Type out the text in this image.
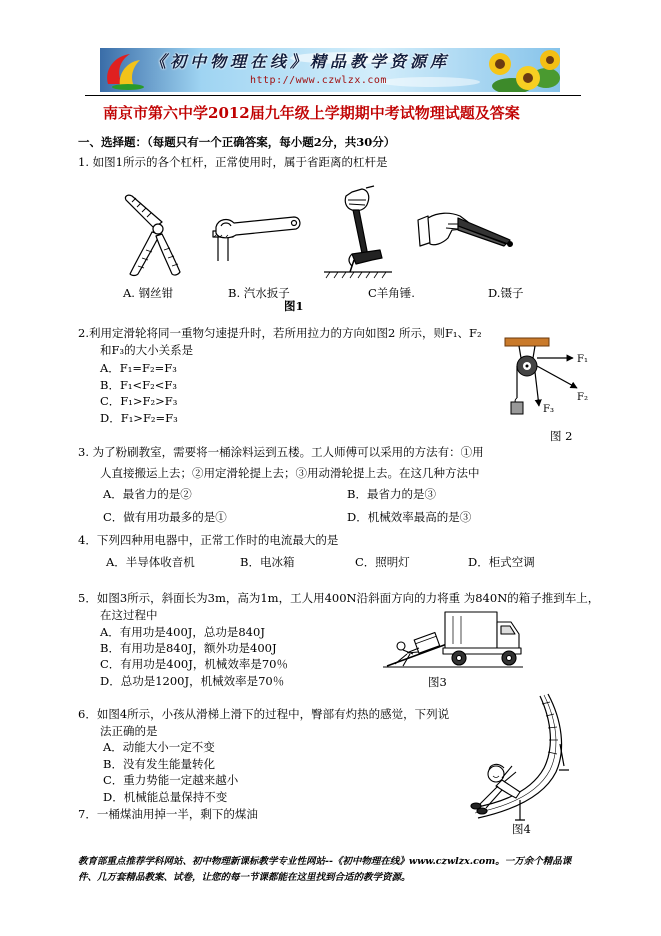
《初中物理在线》精品教学资源库
http://www.czwlzx.com
南京市第六中学2012届九年级上学期期中考试物理试题及答案
一、选择题：（每题只有一个正确答案，每小题2分，共30分）
1. 如图1所示的各个杠杆，正常使用时，属于省距离的杠杆是
A. 钢丝钳	B. 汽水扳子	C羊角锤.	D.镊子
图1
2.利用定滑轮将同一重物匀速提升时，若所用拉力的方向如图2 所示，则F₁、F₂
和F₃的大小关系是
A．F₁=F₂=F₃
B．F₁<F₂<F₃
C．F₁>F₂>F₃
D．F₁>F₂=F₃
F₁
F₂
F₃
图 2
3. 为了粉刷教室，需要将一桶涂料运到五楼。工人师傅可以采用的方法有：①用
人直接搬运上去；②用定滑轮提上去；③用动滑轮提上去。在这几种方法中
A．最省力的是②	B．最省力的是③
C．做有用功最多的是①	D．机械效率最高的是③
4．下列四种用电器中，正常工作时的电流最大的是
A．半导体收音机	B．电冰箱	C．照明灯	D．柜式空调
5．如图3所示，斜面长为3m，高为1m，工人用400N沿斜面方向的力将重 为840N的箱子推到车上，
在这过程中
A．有用功是400J，总功是840J
B．有用功是840J，额外功是400J
C．有用功是400J，机械效率是70％
D．总功是1200J，机械效率是70％	图3
6．如图4所示，小孩从滑梯上滑下的过程中，臀部有灼热的感觉，下列说
法正确的是
A．动能大小一定不变
B．没有发生能量转化
C．重力势能一定越来越小
D．机械能总量保持不变
图4
7．一桶煤油用掉一半，剩下的煤油
教育部重点推荐学科网站、初中物理新课标教学专业性网站--《初中物理在线》www.czwlzx.com。一万余个精品课
件、几万套精品教案、试卷，让您的每一节课都能在这里找到合适的教学资源。
